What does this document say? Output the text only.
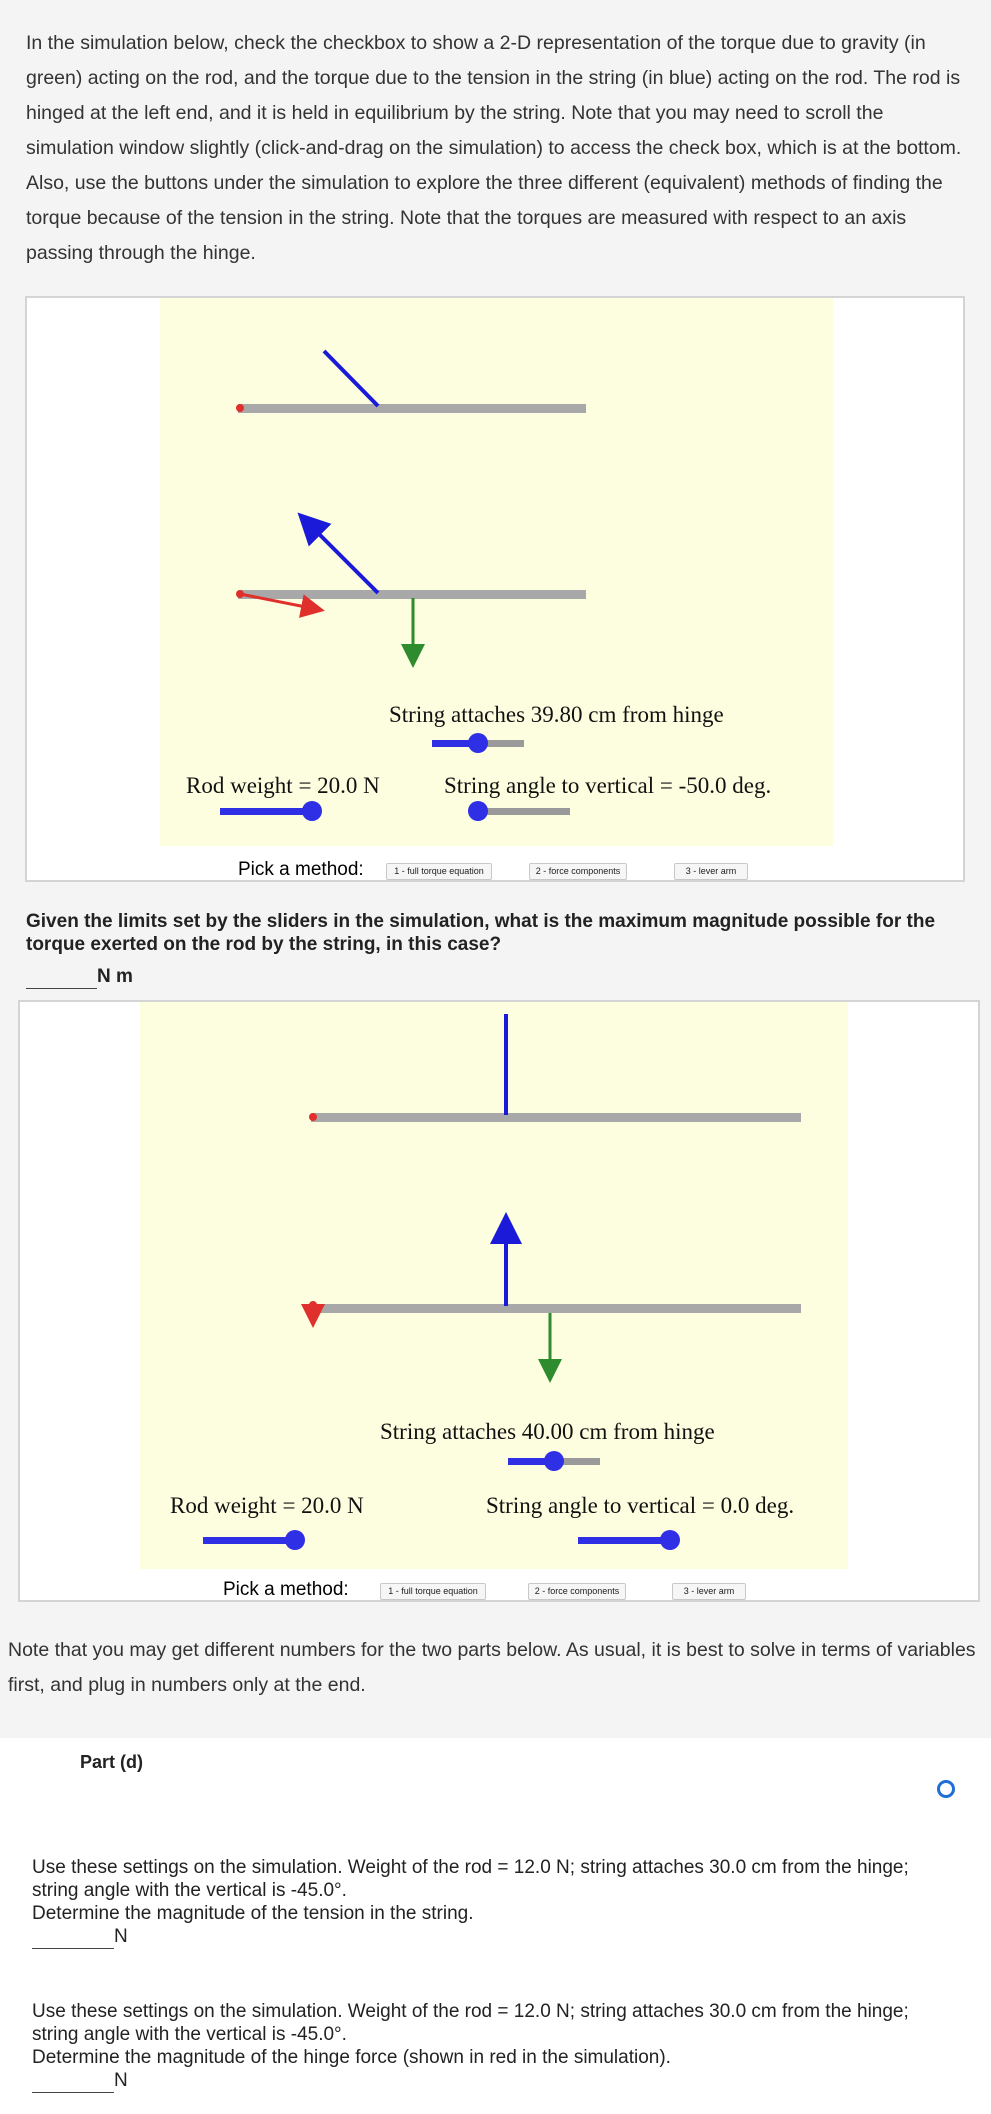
In the simulation below, check the checkbox to show a 2-D representation of the torque due to gravity (in green) acting on the rod, and the torque due to the tension in the string (in blue) acting on the rod. The rod is hinged at the left end, and it is held in equilibrium by the string. Note that you may need to scroll the simulation window slightly (click-and-drag on the simulation) to access the check box, which is at the bottom. Also, use the buttons under the simulation to explore the three different (equivalent) methods of finding the torque because of the tension in the string. Note that the torques are measured with respect to an axis passing through the hinge.
String attaches 39.80 cm from hinge
Rod weight = 20.0 N	String angle to vertical = -50.0 deg.
Pick a method:	1 - full torque equation	2 - force components	3 - lever arm
Given the limits set by the sliders in the simulation, what is the maximum magnitude possible for the torque exerted on the rod by the string, in this case?
N m
String attaches 40.00 cm from hinge
Rod weight = 20.0 N	String angle to vertical = 0.0 deg.
Pick a method:	1 - full torque equation	2 - force components	3 - lever arm
Note that you may get different numbers for the two parts below. As usual, it is best to solve in terms of variables first, and plug in numbers only at the end.
Part (d)
Use these settings on the simulation. Weight of the rod = 12.0 N; string attaches 30.0 cm from the hinge; string angle with the vertical is -45.0°.
Determine the magnitude of the tension in the string.
N
Use these settings on the simulation. Weight of the rod = 12.0 N; string attaches 30.0 cm from the hinge; string angle with the vertical is -45.0°.
Determine the magnitude of the hinge force (shown in red in the simulation).
N
